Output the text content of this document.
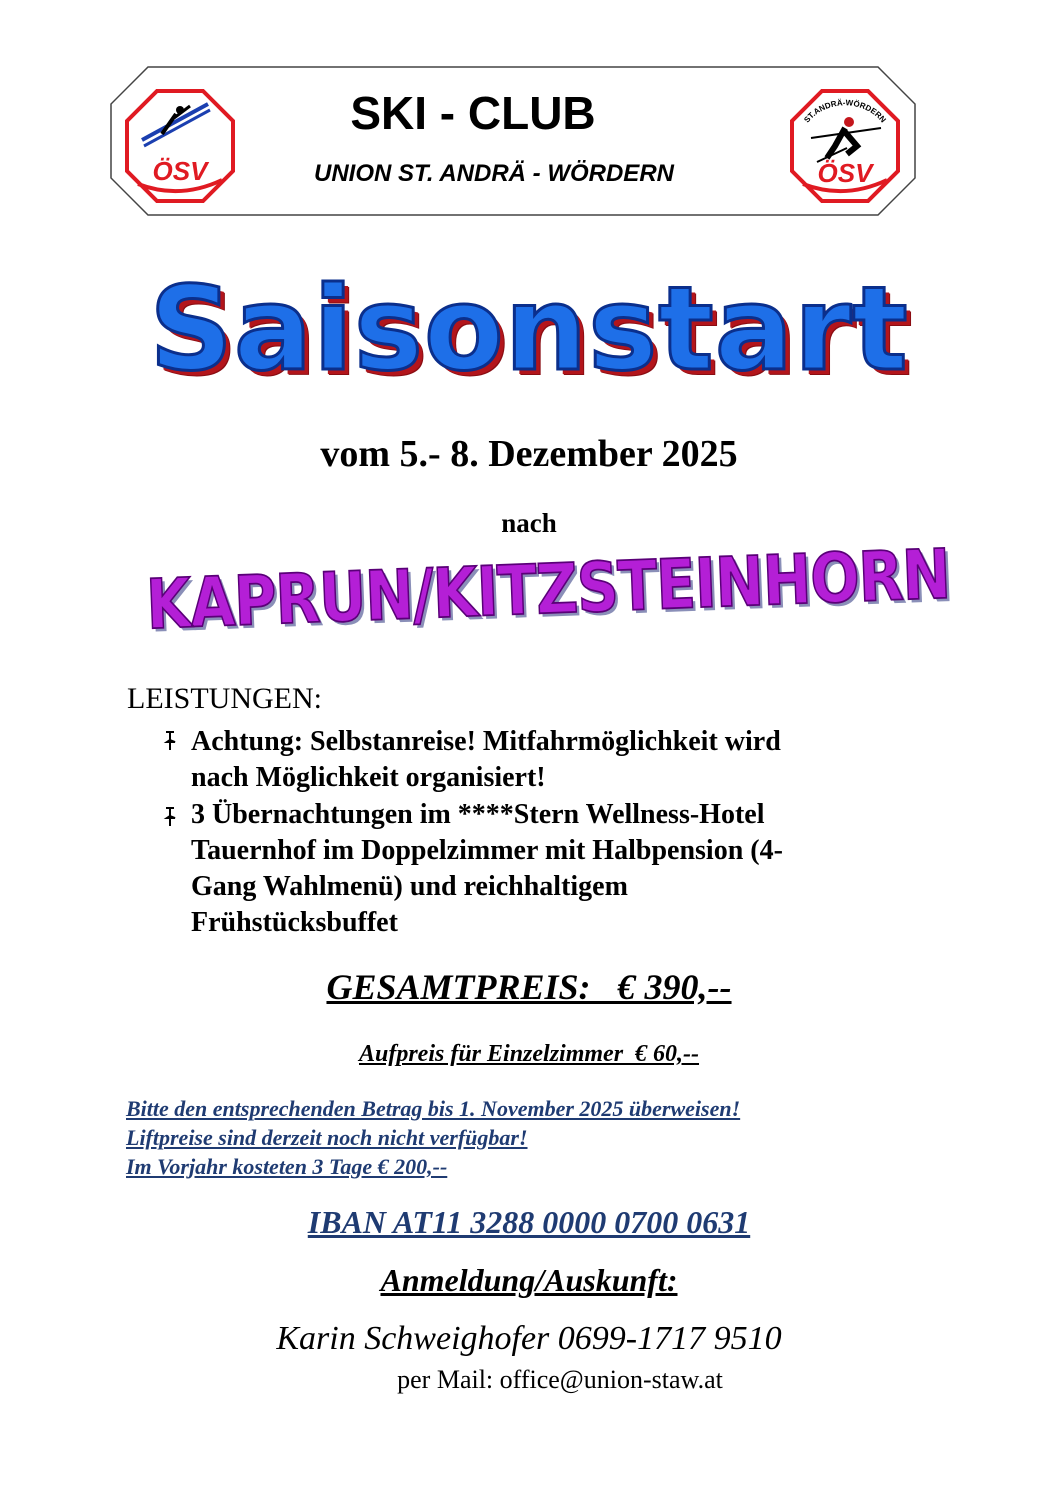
ÖSV
ST.ANDRÄ-WÖRDERN
ÖSV
SKI - CLUB
UNION ST. ANDRÄ - WÖRDERN
Saisonstart
vom 5.- 8. Dezember 2025
nach
KAPRUN/KITZSTEINHORN
LEISTUNGEN:
Achtung: Selbstanreise! Mitfahrmöglichkeit wird
nach Möglichkeit organisiert!
3 Übernachtungen im ****Stern Wellness-Hotel
Tauernhof im Doppelzimmer mit Halbpension (4-
Gang Wahlmenü) und reichhaltigem
Frühstücksbuffet
GESAMTPREIS:   € 390,--
Aufpreis für Einzelzimmer  € 60,--
Bitte den entsprechenden Betrag bis 1. November 2025 überweisen!
Liftpreise sind derzeit noch nicht verfügbar!
Im Vorjahr kosteten 3 Tage € 200,--
IBAN AT11 3288 0000 0700 0631
Anmeldung/Auskunft:
Karin Schweighofer 0699-1717 9510
per Mail: office@union-staw.at
